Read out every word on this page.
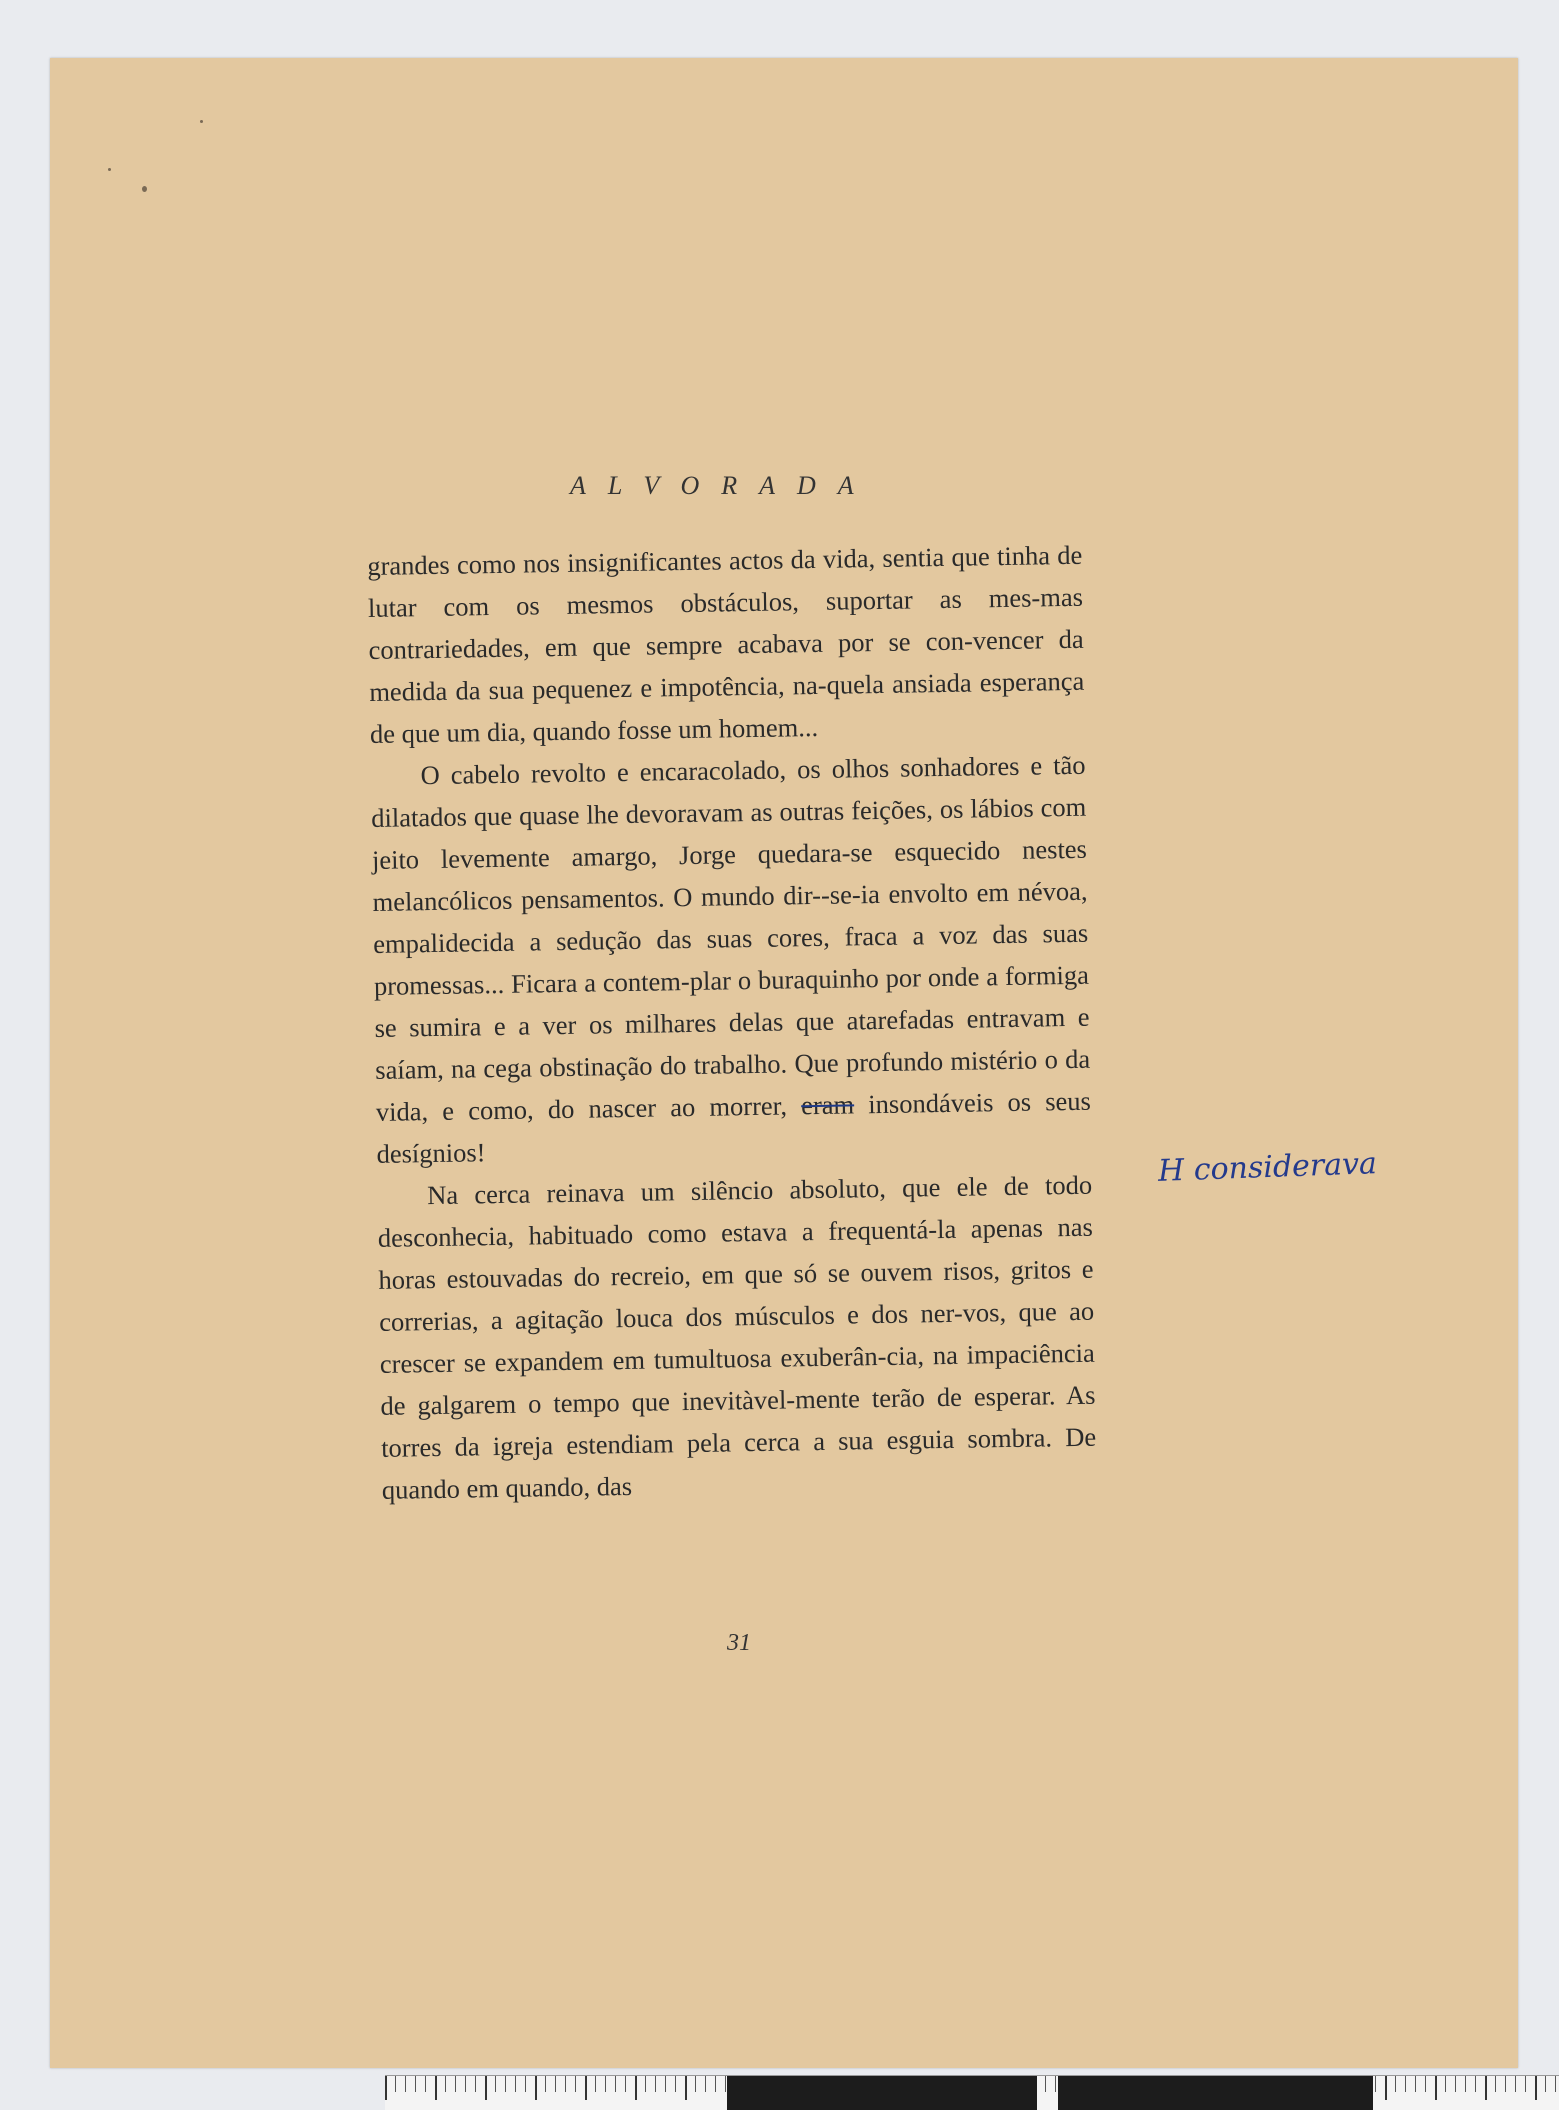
ALVORADA

grandes como nos insignificantes actos da vida, sentia que tinha de lutar com os mesmos obstáculos, suportar as mes-mas contrariedades, em que sempre acabava por se con-vencer da medida da sua pequenez e impotência, na-quela ansiada esperança de que um dia, quando fosse um homem...

O cabelo revolto e encaracolado, os olhos sonhadores e tão dilatados que quase lhe devoravam as outras feições, os lábios com jeito levemente amargo, Jorge quedara-se esquecido nestes melancólicos pensamentos. O mundo dir--se-ia envolto em névoa, empalidecida a sedução das suas cores, fraca a voz das suas promessas... Ficara a contem-plar o buraquinho por onde a formiga se sumira e a ver os milhares delas que atarefadas entravam e saíam, na cega obstinação do trabalho. Que profundo mistério o da vida, e como, do nascer ao morrer, eram insondáveis os seus desígnios!

Na cerca reinava um silêncio absoluto, que ele de todo desconhecia, habituado como estava a frequentá-la apenas nas horas estouvadas do recreio, em que só se ouvem risos, gritos e correrias, a agitação louca dos músculos e dos ner-vos, que ao crescer se expandem em tumultuosa exuberân-cia, na impaciência de galgarem o tempo que inevitàvel-mente terão de esperar. As torres da igreja estendiam pela cerca a sua esguia sombra. De quando em quando, das

H considerava
31
